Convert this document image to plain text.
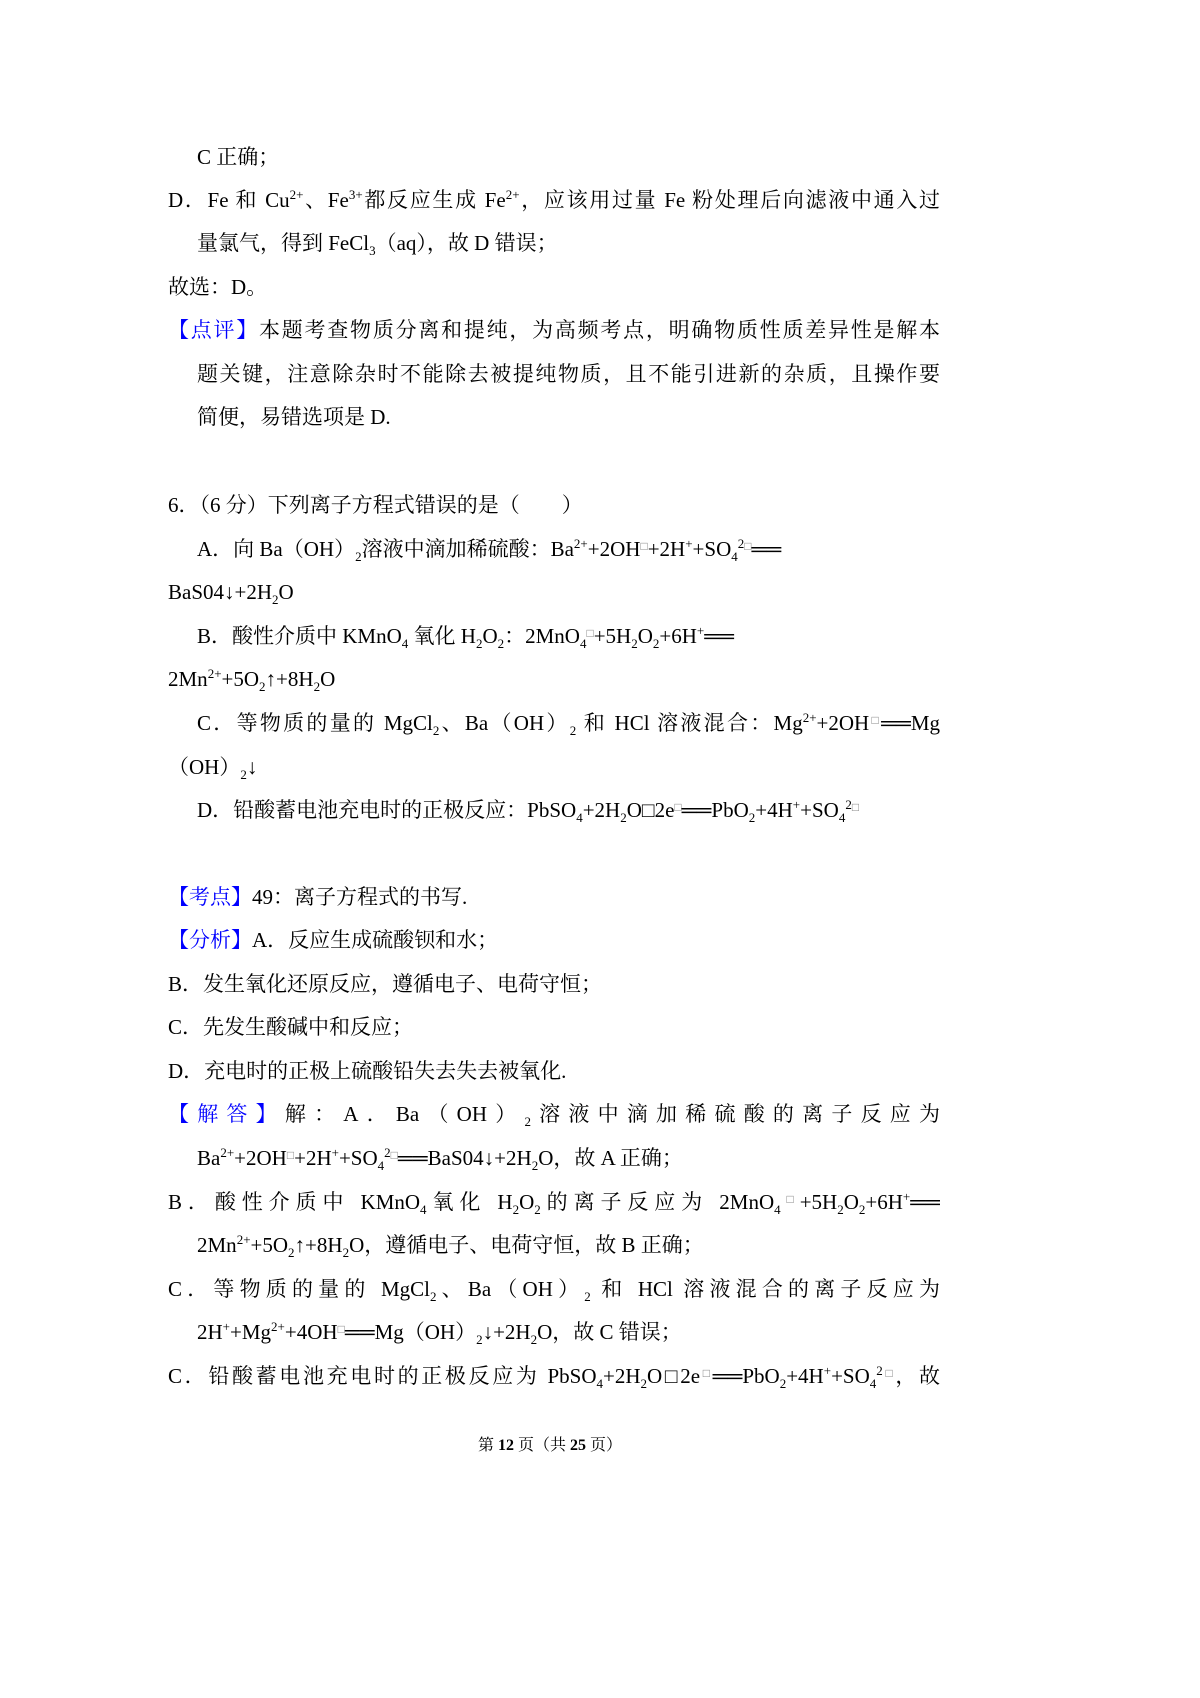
C 正确；
D．Fe 和 $Cu^{2+}$、$Fe^{3+}$都反应生成 $Fe^{2+}$，应该用过量 Fe 粉处理后向滤液中通入过
量氯气，得到 FeCl$_3$（aq），故 D 错误；
故选：D。
【点评】本题考查物质分离和提纯，为高频考点，明确物质性质差异性是解本
题关键，注意除杂时不能除去被提纯物质，且不能引进新的杂质，且操作要
简便，易错选项是 D.
6．（6 分）下列离子方程式错误的是（　　）
A．向 $Ba(OH)_2$溶液中滴加稀硫酸：$Ba^{2+}+2OH^□+2H^++SO_4^{2□}══$
$BaS04↓+2H_2O$
B．酸性介质中 KMnO$_4$ 氧化 $H_2O_2$：$2MnO_4^□+5H_2O_2+6H^+══$
$2Mn^{2+}+5O_2↑+8H_2O$
C．等物质的量的 MgCl$_2$、$Ba(OH)_2$ 和 HCl 溶液混合：$Mg^{2+}+2OH^□══Mg$
$(OH)_2↓$
D．铅酸蓄电池充电时的正极反应：$PbSO_4+2H_2O□2e^□══PbO_2+4H^++SO_4^{2□}$
【考点】49：离子方程式的书写.
【分析】A．反应生成硫酸钡和水；
B．发生氧化还原反应，遵循电子、电荷守恒；
C．先发生酸碱中和反应；
D．充电时的正极上硫酸铅失去失去被氧化.
【解答】解：A．$Ba(OH)_2$溶液中滴加稀硫酸的离子反应为
$Ba^{2+}+2OH^□+2H^++SO_4^{2□}══BaS04↓+2H_2O$，故 A 正确；
B．酸性介质中 KMnO$_4$氧化 $H_2O_2$的离子反应为 $2MnO_4^□+5H_2O_2+6H^+══$
$2Mn^{2+}+5O_2↑+8H_2O$，遵循电子、电荷守恒，故 B 正确；
C．等物质的量的 MgCl$_2$、$Ba(OH)_2$ 和 HCl 溶液混合的离子反应为
$2H^++Mg^{2+}+4OH^□══Mg(OH)_2↓+2H_2O$，故 C 错误；
C．铅酸蓄电池充电时的正极反应为 $PbSO_4+2H_2O□2e^□══PbO_2+4H^++SO_4^{2□}$，故
第 12 页（共 25 页）
